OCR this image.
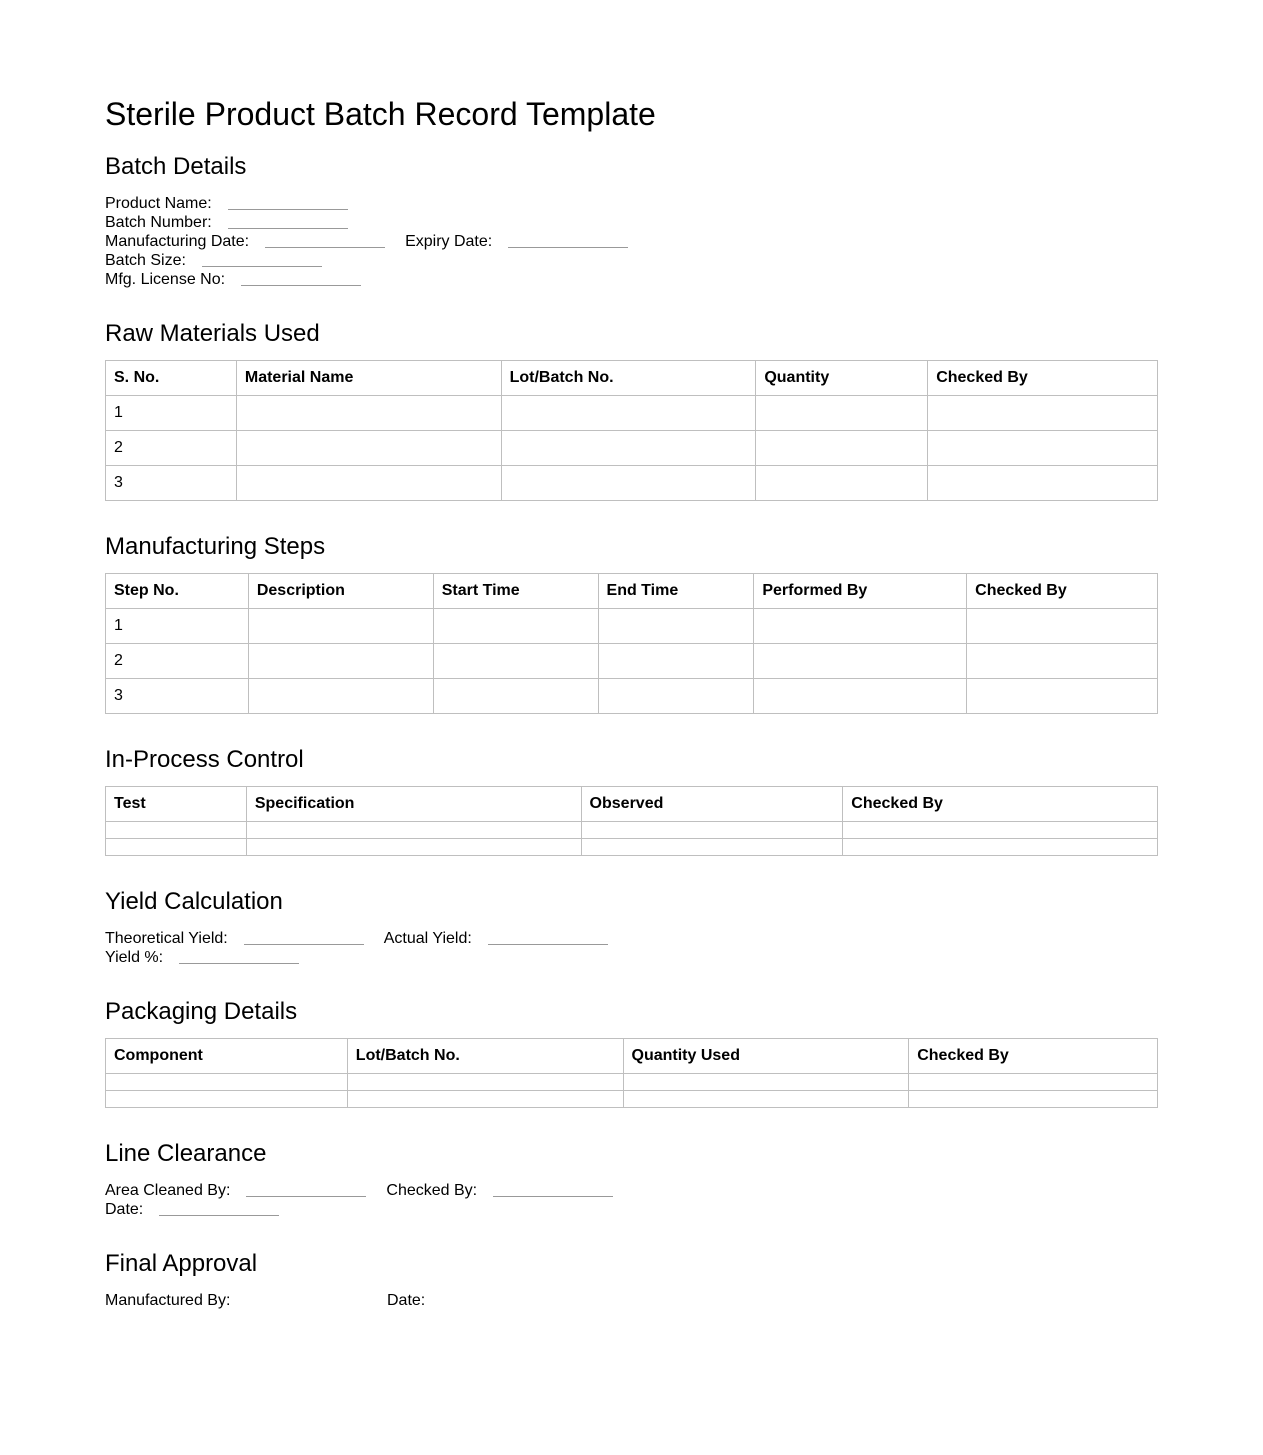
Sterile Product Batch Record Template
Batch Details
Product Name:
Batch Number:
Manufacturing Date:	Expiry Date:
Batch Size:
Mfg. License No:
Raw Materials Used
S. No.	Material Name	Lot/Batch No.	Quantity	Checked By
1				
2				
3				
Manufacturing Steps
Step No.	Description	Start Time	End Time	Performed By	Checked By
1					
2					
3					
In-Process Control
Test	Specification	Observed	Checked By

Yield Calculation
Theoretical Yield:	Actual Yield:
Yield %:
Packaging Details
Component	Lot/Batch No.	Quantity Used	Checked By

Line Clearance
Area Cleaned By:	Checked By:
Date:
Final Approval
Manufactured By:	Date:
